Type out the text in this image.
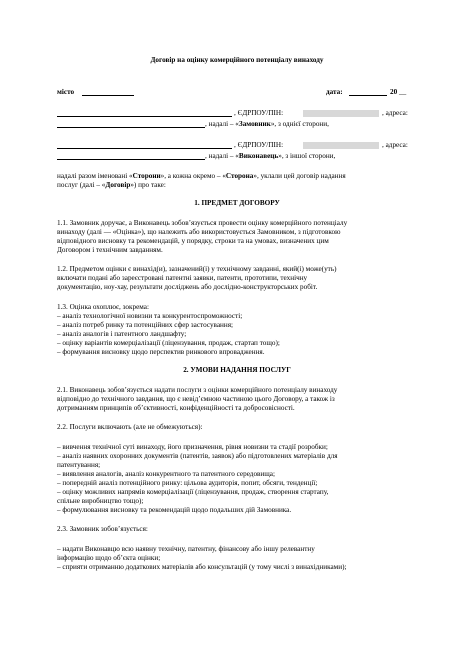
Договір на оцінку комерційного потенціалу винаходу
місто	дата:	20 __
, ЄДРПОУ/ПІН:	, адреса:
, надалі – «Замовник», з однієї сторони,
, ЄДРПОУ/ПІН:	, адреса:
, надалі – «Виконавець», з іншої сторони,
надалі разом іменовані «Сторони», а кожна окремо – «Сторона», уклали цей договір надання
послуг (далі – «Договір») про таке:
1. ПРЕДМЕТ ДОГОВОРУ
1.1. Замовник доручає, а Виконавець зобов’язується провести оцінку комерційного потенціалу
винаходу (далі — «Оцінка»), що належить або використовується Замовником, з підготовкою
відповідного висновку та рекомендацій, у порядку, строки та на умовах, визначених цим
Договором і технічним завданням.
1.2. Предметом оцінки є винахід(и), зазначений(і) у технічному завданні, який(і) може(уть)
включати подані або зареєстровані патентні заявки, патенти, прототипи, технічну
документацію, ноу-хау, результати досліджень або дослідно-конструкторських робіт.
1.3. Оцінка охоплює, зокрема:
– аналіз технологічної новизни та конкурентоспроможності;
– аналіз потреб ринку та потенційних сфер застосування;
– аналіз аналогів і патентного ландшафту;
– оцінку варіантів комерціалізації (ліцензування, продаж, стартап тощо);
– формування висновку щодо перспектив ринкового впровадження.
2. УМОВИ НАДАННЯ ПОСЛУГ
2.1. Виконавець зобов’язується надати послуги з оцінки комерційного потенціалу винаходу
відповідно до технічного завдання, що є невід’ємною частиною цього Договору, а також із
дотриманням принципів об’єктивності, конфіденційності та добросовісності.
2.2. Послуги включають (але не обмежуються):
– вивчення технічної суті винаходу, його призначення, рівня новизни та стадії розробки;
– аналіз наявних охоронних документів (патентів, заявок) або підготовлених матеріалів для
патентування;
– виявлення аналогів, аналіз конкурентного та патентного середовища;
– попередній аналіз потенційного ринку: цільова аудиторія, попит, обсяги, тенденції;
– оцінку можливих напрямів комерціалізації (ліцензування, продаж, створення стартапу,
спільне виробництво тощо);
– формулювання висновку та рекомендацій щодо подальших дій Замовника.
2.3. Замовник зобов’язується:
– надати Виконавцю всю наявну технічну, патентну, фінансову або іншу релевантну
інформацію щодо об’єкта оцінки;
– сприяти отриманню додаткових матеріалів або консультацій (у тому числі з винахідниками);
